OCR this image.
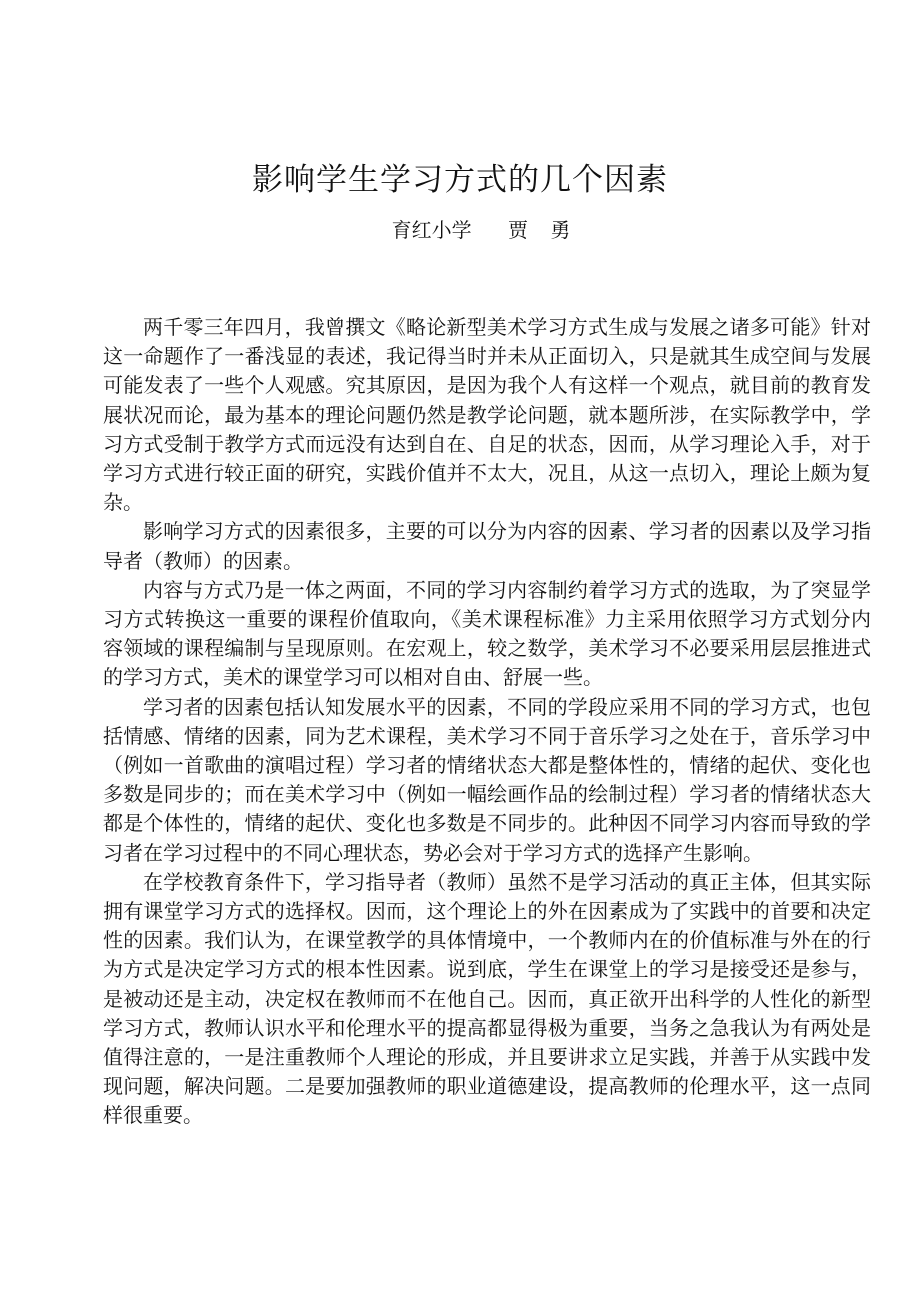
影响学生学习方式的几个因素
育红小学 贾 勇

两千零三年四月，我曾撰文《略论新型美术学习方式生成与发展之诸多可能》针对这一命题作了一番浅显的表述，我记得当时并未从正面切入，只是就其生成空间与发展可能发表了一些个人观感。究其原因，是因为我个人有这样一个观点，就目前的教育发展状况而论，最为基本的理论问题仍然是教学论问题，就本题所涉，在实际教学中，学习方式受制于教学方式而远没有达到自在、自足的状态，因而，从学习理论入手，对于学习方式进行较正面的研究，实践价值并不太大，况且，从这一点切入，理论上颇为复杂。

影响学习方式的因素很多，主要的可以分为内容的因素、学习者的因素以及学习指导者（教师）的因素。

内容与方式乃是一体之两面，不同的学习内容制约着学习方式的选取，为了突显学习方式转换这一重要的课程价值取向，《美术课程标准》力主采用依照学习方式划分内容领域的课程编制与呈现原则。在宏观上，较之数学，美术学习不必要采用层层推进式的学习方式，美术的课堂学习可以相对自由、舒展一些。

学习者的因素包括认知发展水平的因素，不同的学段应采用不同的学习方式，也包括情感、情绪的因素，同为艺术课程，美术学习不同于音乐学习之处在于，音乐学习中（例如一首歌曲的演唱过程）学习者的情绪状态大都是整体性的，情绪的起伏、变化也多数是同步的；而在美术学习中（例如一幅绘画作品的绘制过程）学习者的情绪状态大都是个体性的，情绪的起伏、变化也多数是不同步的。此种因不同学习内容而导致的学习者在学习过程中的不同心理状态，势必会对于学习方式的选择产生影响。

在学校教育条件下，学习指导者（教师）虽然不是学习活动的真正主体，但其实际拥有课堂学习方式的选择权。因而，这个理论上的外在因素成为了实践中的首要和决定性的因素。我们认为，在课堂教学的具体情境中，一个教师内在的价值标准与外在的行为方式是决定学习方式的根本性因素。说到底，学生在课堂上的学习是接受还是参与，是被动还是主动，决定权在教师而不在他自己。因而，真正欲开出科学的人性化的新型学习方式，教师认识水平和伦理水平的提高都显得极为重要，当务之急我认为有两处是值得注意的，一是注重教师个人理论的形成，并且要讲求立足实践，并善于从实践中发现问题，解决问题。二是要加强教师的职业道德建设，提高教师的伦理水平，这一点同样很重要。
